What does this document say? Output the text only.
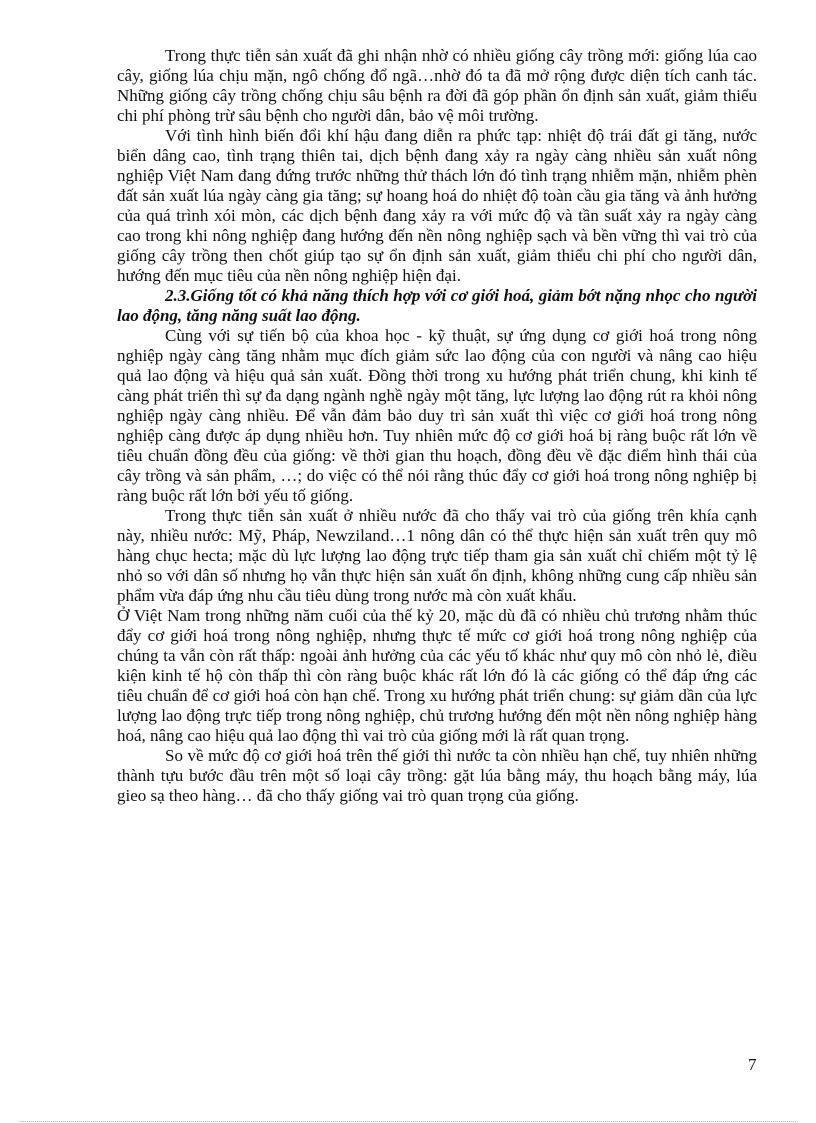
Trong thực tiễn sản xuất đã ghi nhận nhờ có nhiều giống cây trồng mới: giống lúa cao cây, giống lúa chịu mặn, ngô chống đổ ngã…nhờ đó ta đã mở rộng được diện tích canh tác. Những giống cây trồng chống chịu sâu bệnh ra đời đã góp phần ổn định sản xuất, giảm thiểu chi phí phòng trừ sâu bệnh cho người dân, bảo vệ môi trường.

Với tình hình biến đổi khí hậu đang diễn ra phức tạp: nhiệt độ trái đất gi tăng, nước biển dâng cao, tình trạng thiên tai, dịch bệnh đang xảy ra ngày càng nhiều sản xuất nông nghiệp Việt Nam đang đứng trước những thử thách lớn đó tình trạng nhiễm mặn, nhiễm phèn đất sản xuất lúa ngày càng gia tăng; sự hoang hoá do nhiệt độ toàn cầu gia tăng và ảnh hưởng của quá trình xói mòn, các dịch bệnh đang xảy ra với mức độ và tần suất xảy ra ngày càng cao trong khi nông nghiệp đang hướng đến nền nông nghiệp sạch và bền vững thì vai trò của giống cây trồng then chốt giúp tạo sự ổn định sản xuất, giảm thiểu chi phí cho người dân, hướng đến mục tiêu của nền nông nghiệp hiện đại.

2.3.Giống tốt có khả năng thích hợp với cơ giới hoá, giảm bớt nặng nhọc cho người lao động, tăng năng suất lao động.

Cùng với sự tiến bộ của khoa học - kỹ thuật, sự ứng dụng cơ giới hoá trong nông nghiệp ngày càng tăng nhằm mục đích giảm sức lao động của con người và nâng cao hiệu quả lao động và hiệu quả sản xuất. Đồng thời trong xu hướng phát triển chung, khi kinh tế càng phát triển thì sự đa dạng ngành nghề ngày một tăng, lực lượng lao động rút ra khỏi nông nghiệp ngày càng nhiều. Để vẫn đảm bảo duy trì sản xuất thì việc cơ giới hoá trong nông nghiệp càng được áp dụng nhiều hơn. Tuy nhiên mức độ cơ giới hoá bị ràng buộc rất lớn về tiêu chuẩn đồng đều của giống: về thời gian thu hoạch, đồng đều về đặc điểm hình thái của cây trồng và sản phẩm, …; do việc có thể nói rằng thúc đẩy cơ giới hoá trong nông nghiệp bị ràng buộc rất lớn bởi yếu tố giống.

Trong thực tiễn sản xuất ở nhiều nước đã cho thấy vai trò của giống trên khía cạnh này, nhiều nước: Mỹ, Pháp, Newziland…1 nông dân có thể thực hiện sản xuất trên quy mô hàng chục hecta; mặc dù lực lượng lao động trực tiếp tham gia sản xuất chỉ chiếm một tỷ lệ nhỏ so với dân số nhưng họ vẫn thực hiện sản xuất ổn định, không những cung cấp nhiều sản phẩm vừa đáp ứng nhu cầu tiêu dùng trong nước mà còn xuất khẩu.

Ở Việt Nam trong những năm cuối của thế kỷ 20, mặc dù đã có nhiều chủ trương nhằm thúc đẩy cơ giới hoá trong nông nghiệp, nhưng thực tế mức cơ giới hoá trong nông nghiệp của chúng ta vẫn còn rất thấp: ngoài ảnh hưởng của các yếu tố khác như quy mô còn nhỏ lẻ, điều kiện kinh tế hộ còn thấp thì còn ràng buộc khác rất lớn đó là các giống có thể đáp ứng các tiêu chuẩn để cơ giới hoá còn hạn chế. Trong xu hướng phát triển chung: sự giảm dần của lực lượng lao động trực tiếp trong nông nghiệp, chủ trương hướng đến một nền nông nghiệp hàng hoá, nâng cao hiệu quả lao động thì vai trò của giống mới là rất quan trọng.

So về mức độ cơ giới hoá trên thế giới thì nước ta còn nhiều hạn chế, tuy nhiên những thành tựu bước đầu trên một số loại cây trồng: gặt lúa bằng máy, thu hoạch bằng máy, lúa gieo sạ theo hàng… đã cho thấy giống vai trò quan trọng của giống.

7
